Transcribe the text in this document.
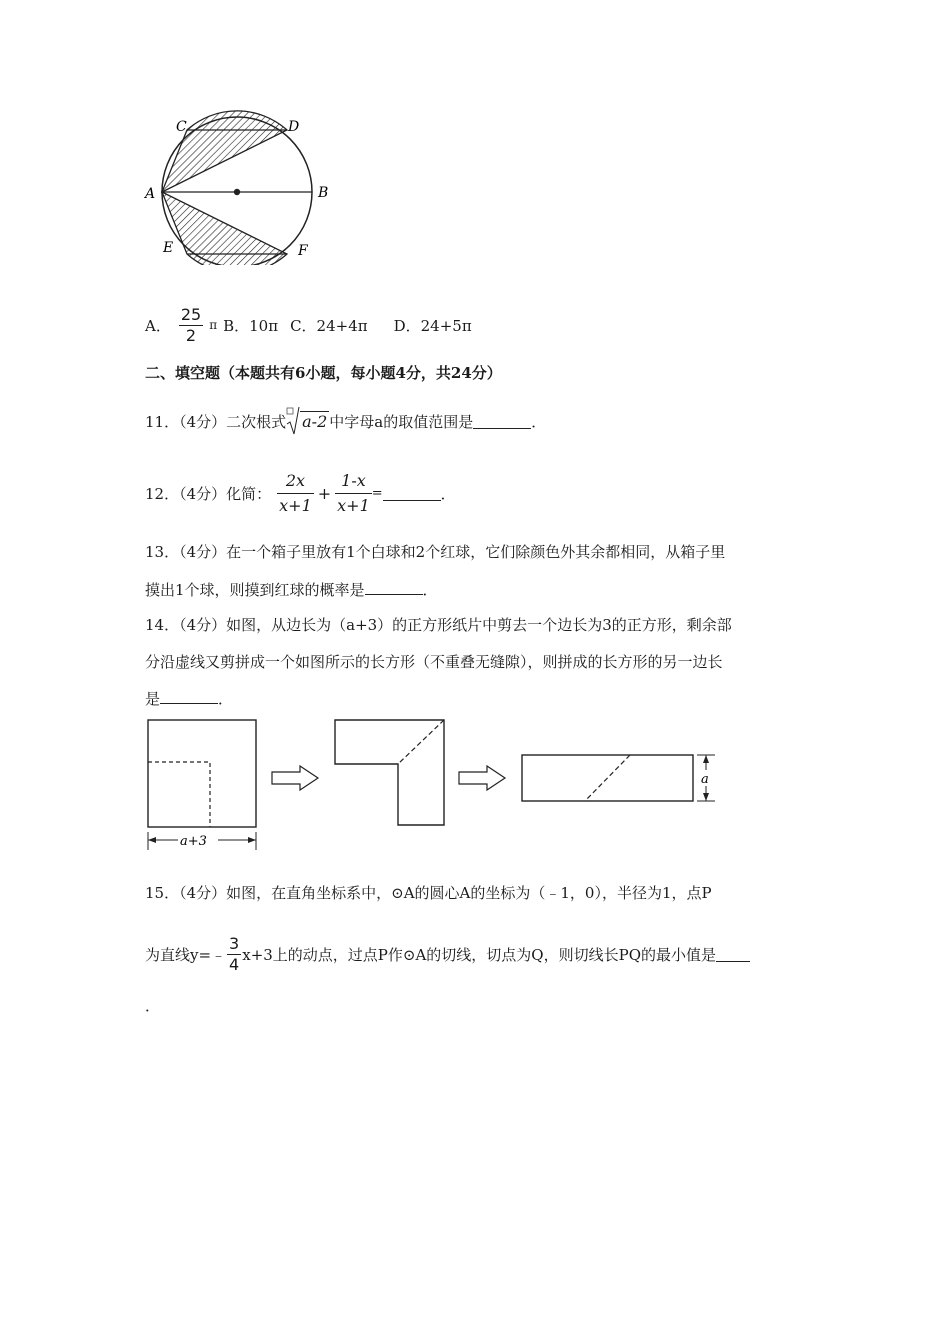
C	D
A	B
E	F
A． $\frac{25}{2}$ π B．10π C．24+4π D．24+5π
二、填空题（本题共有6小题，每小题4分，共24分）
11．（4分）二次根式	a-2 中字母a的取值范围是	．
12．（4分）化简： $\frac{2x}{x+1} + \frac{1-x}{x+1}$ =	．
13．（4分）在一个箱子里放有1个白球和2个红球，它们除颜色外其余都相同，从箱子里
摸出1个球，则摸到红球的概率是	．
14．（4分）如图，从边长为（a+3）的正方形纸片中剪去一个边长为3的正方形，剩余部
分沿虚线又剪拼成一个如图所示的长方形（不重叠无缝隙），则拼成的长方形的另一边长
是	．
a+3
a
15．（4分）如图，在直角坐标系中，⊙A的圆心A的坐标为（﹣1，0），半径为1，点P
为直线y=﹣ $\frac{3}{4} x+3$上的动点，过点P作⊙A的切线，切点为Q，则切线长PQ的最小值是
．
